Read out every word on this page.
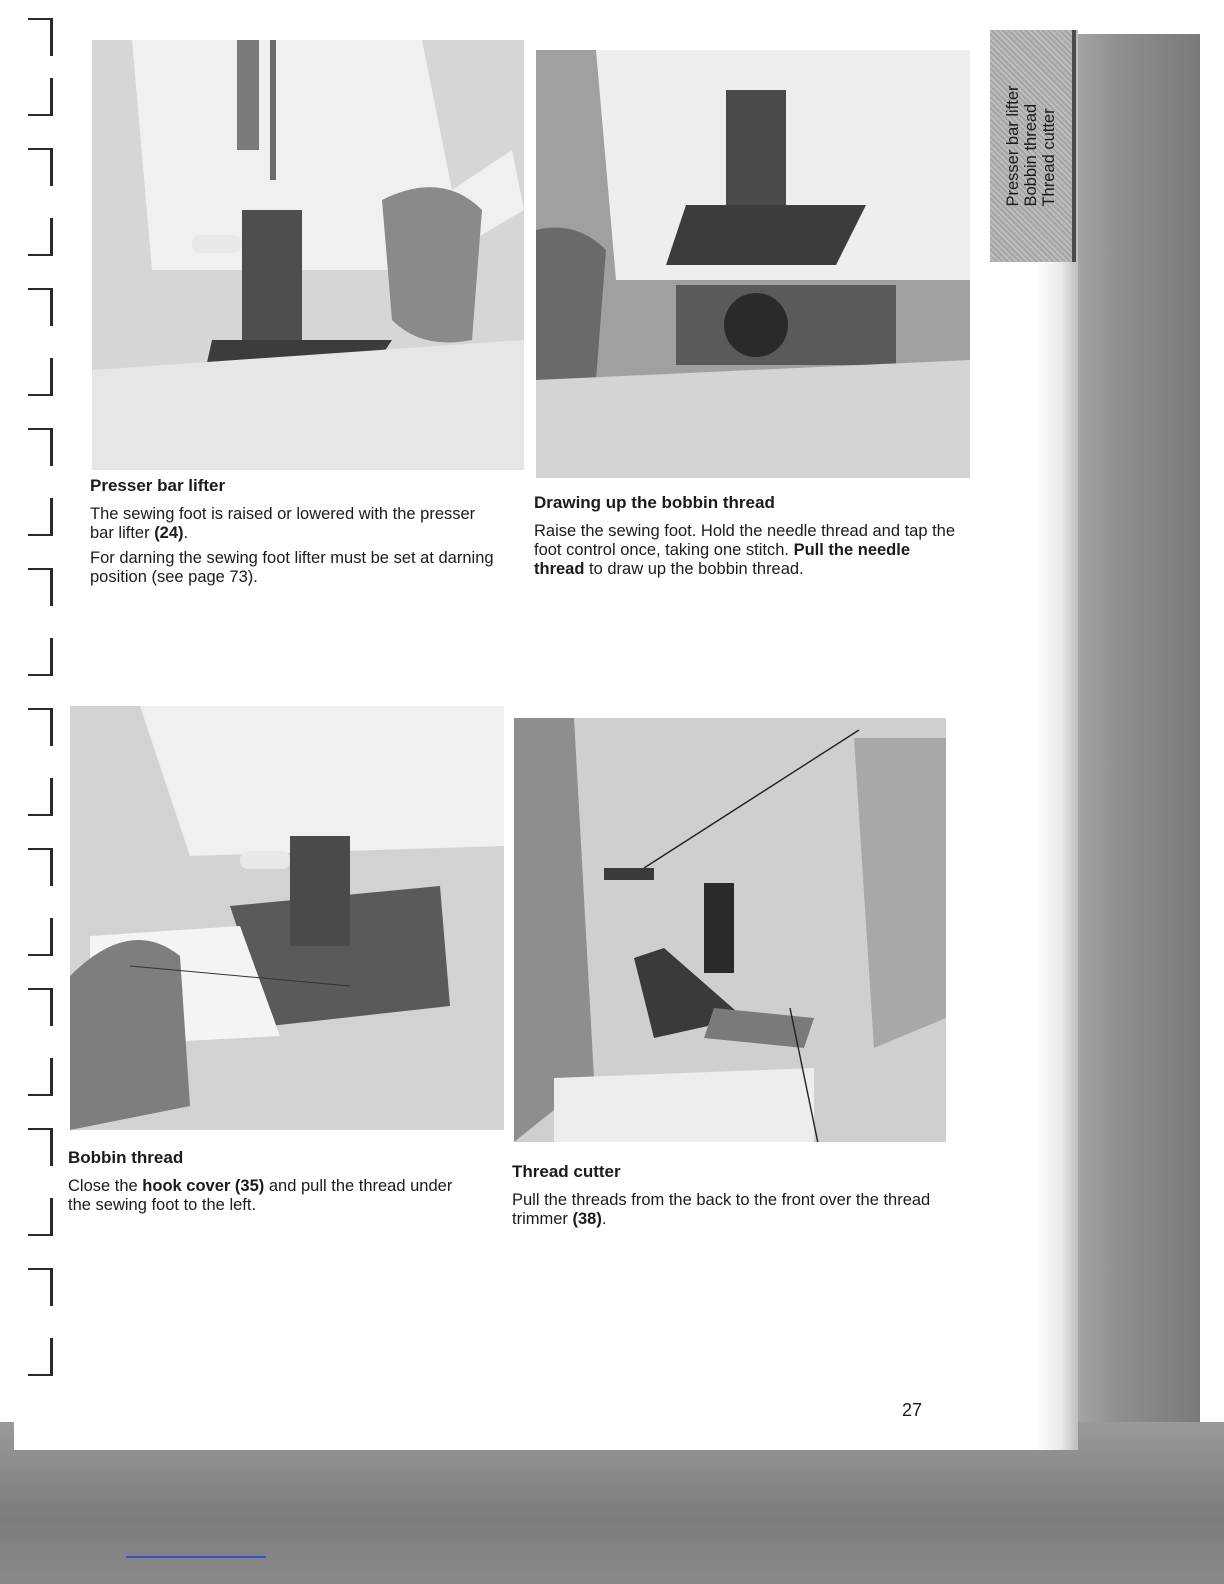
Presser bar lifter Bobbin thread Thread cutter
Presser bar lifter

The sewing foot is raised or lowered with the presser bar lifter (24).

For darning the sewing foot lifter must be set at darning position (see page 73).

Drawing up the bobbin thread

Raise the sewing foot. Hold the needle thread and tap the foot control once, taking one stitch. Pull the needle thread to draw up the bobbin thread.

Bobbin thread

Close the hook cover (35) and pull the thread under the sewing foot to the left.

Thread cutter

Pull the threads from the back to the front over the thread trimmer (38).

27
